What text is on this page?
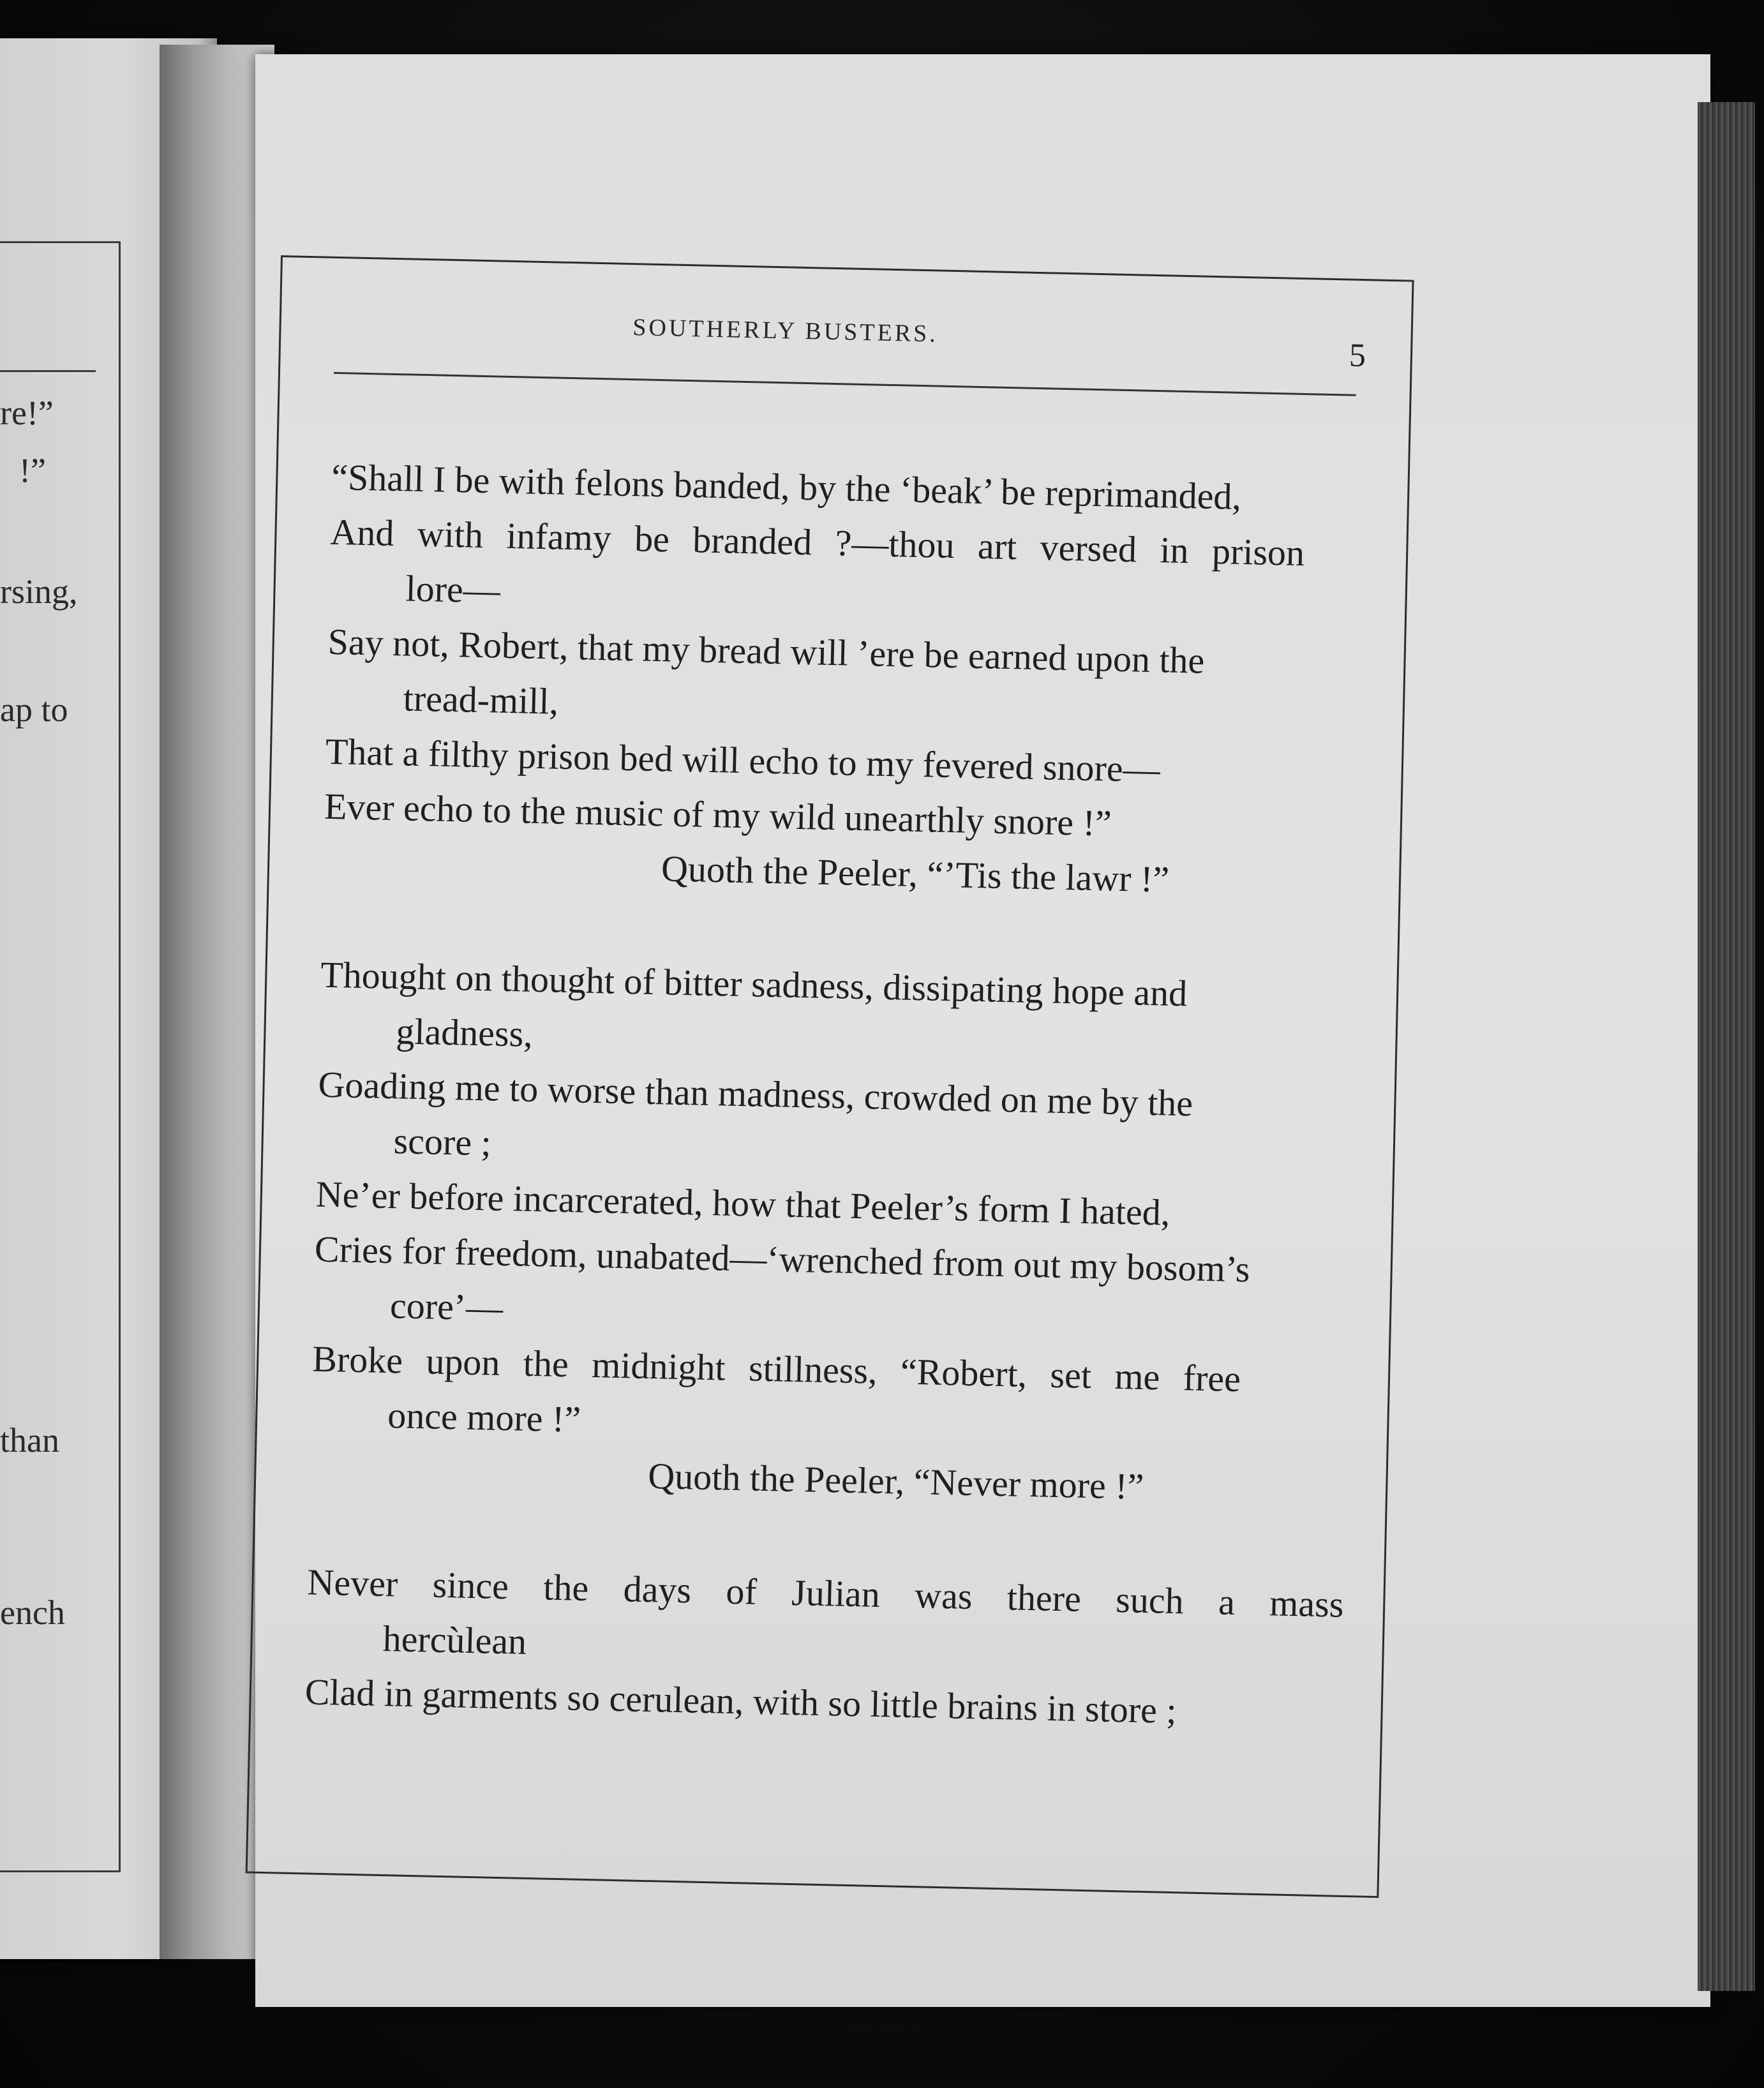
re!”
!”
rsing,
ap to
than
ench
SOUTHERLY BUSTERS.
5
“Shall I be with felons banded, by the ‘beak’ be reprimanded,
And with infamy be branded ?—thou art versed in prison
lore—
Say not, Robert, that my bread will ’ere be earned upon the
tread-mill,
That a filthy prison bed will echo to my fevered snore—
Ever echo to the music of my wild unearthly snore !”
Quoth the Peeler, “’Tis the lawr !”
Thought on thought of bitter sadness, dissipating hope and
gladness,
Goading me to worse than madness, crowded on me by the
score ;
Ne’er before incarcerated, how that Peeler’s form I hated,
Cries for freedom, unabated—‘wrenched from out my bosom’s
core’—
Broke upon the midnight stillness, “Robert, set me free
once more !”
Quoth the Peeler, “Never more !”
Never since the days of Julian was there such a mass
hercùlean
Clad in garments so cerulean, with so little brains in store ;
